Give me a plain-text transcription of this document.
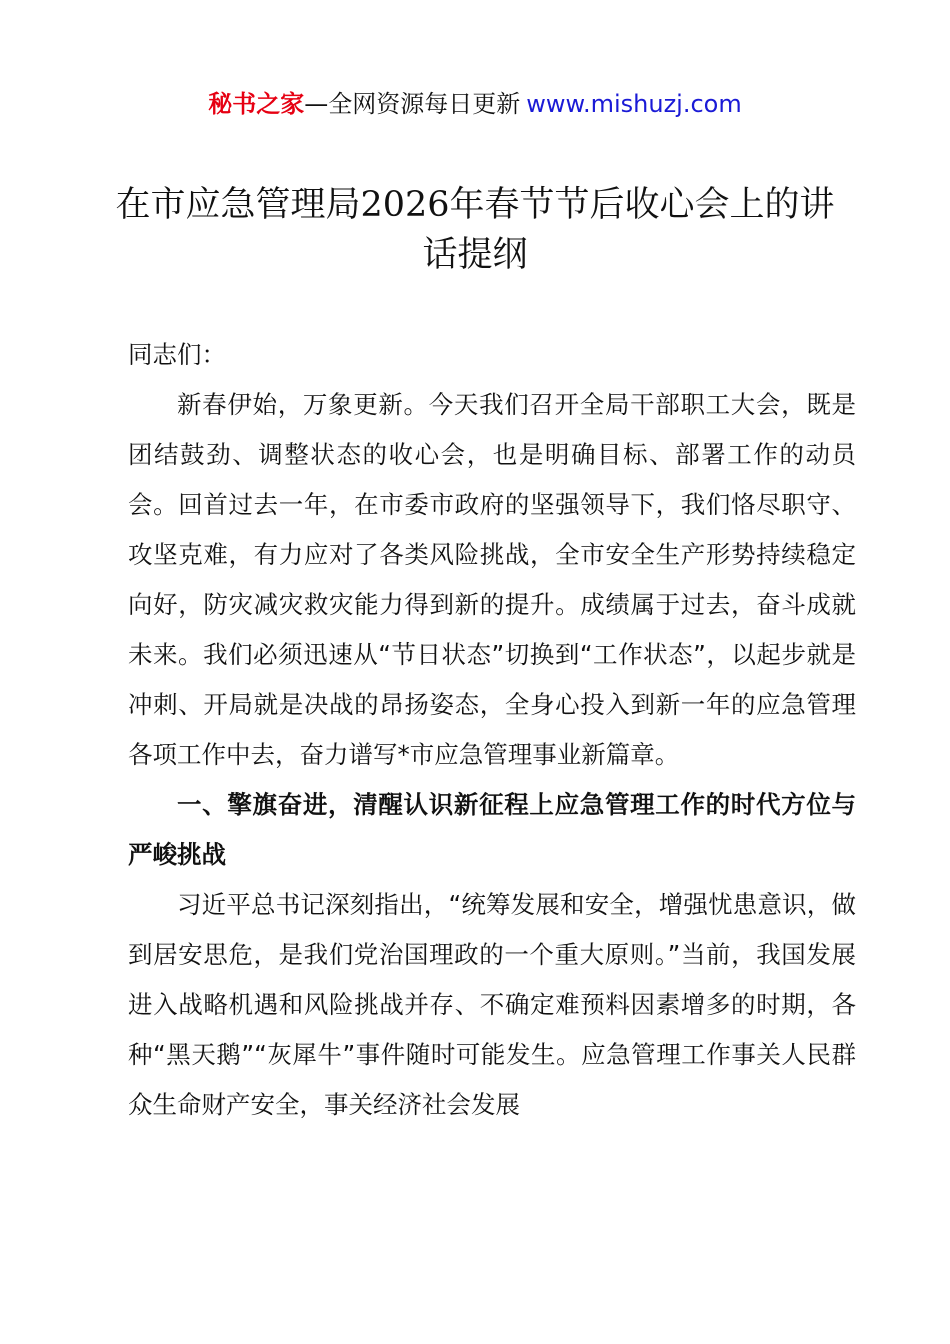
秘书之家—全网资源每日更新 www.mishuzj.com
在市应急管理局2026年春节节后收心会上的讲话提纲

同志们：

新春伊始，万象更新。今天我们召开全局干部职工大会，既是团结鼓劲、调整状态的收心会，也是明确目标、部署工作的动员会。回首过去一年，在市委市政府的坚强领导下，我们恪尽职守、攻坚克难，有力应对了各类风险挑战，全市安全生产形势持续稳定向好，防灾减灾救灾能力得到新的提升。成绩属于过去，奋斗成就未来。我们必须迅速从“节日状态”切换到“工作状态”，以起步就是冲刺、开局就是决战的昂扬姿态，全身心投入到新一年的应急管理各项工作中去，奋力谱写*市应急管理事业新篇章。

一、擎旗奋进，清醒认识新征程上应急管理工作的时代方位与严峻挑战

习近平总书记深刻指出，“统筹发展和安全，增强忧患意识，做到居安思危，是我们党治国理政的一个重大原则。”当前，我国发展进入战略机遇和风险挑战并存、不确定难预料因素增多的时期，各种“黑天鹅”“灰犀牛”事件随时可能发生。应急管理工作事关人民群众生命财产安全，事关经济社会发展
